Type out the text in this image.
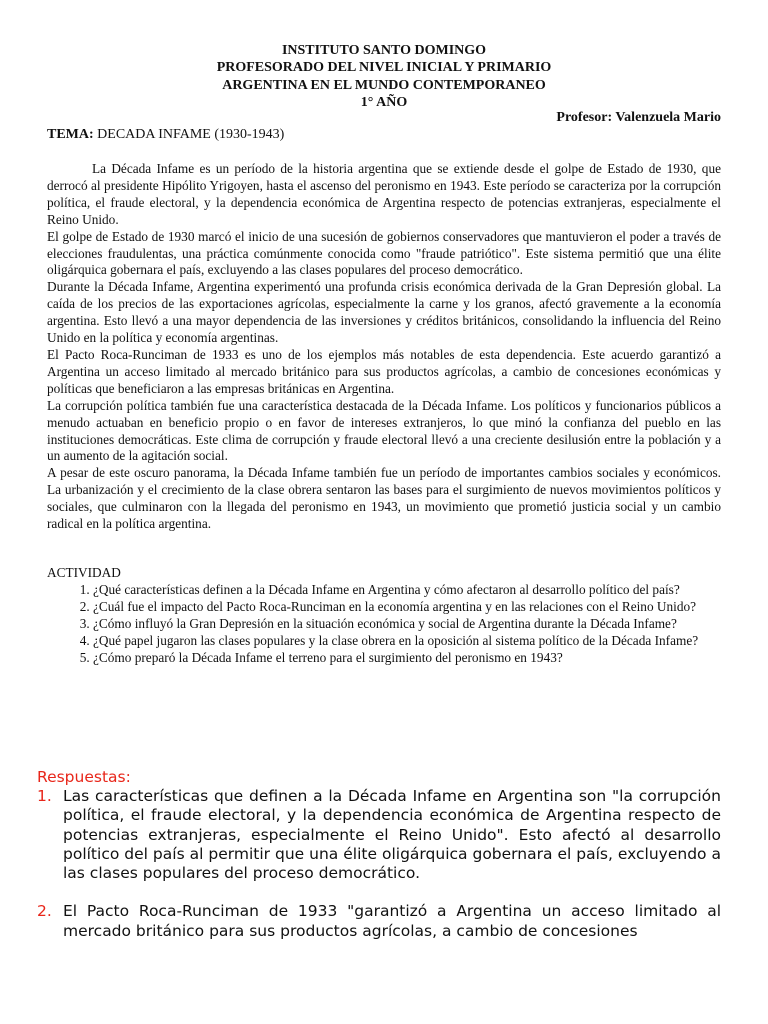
INSTITUTO SANTO DOMINGO
PROFESORADO DEL NIVEL INICIAL Y PRIMARIO
ARGENTINA EN EL MUNDO CONTEMPORANEO
1° AÑO
Profesor: Valenzuela Mario
TEMA: DECADA INFAME (1930-1943)

La Década Infame es un período de la historia argentina que se extiende desde el golpe de Estado de 1930, que derrocó al presidente Hipólito Yrigoyen, hasta el ascenso del peronismo en 1943. Este período se caracteriza por la corrupción política, el fraude electoral, y la dependencia económica de Argentina respecto de potencias extranjeras, especialmente el Reino Unido.

El golpe de Estado de 1930 marcó el inicio de una sucesión de gobiernos conservadores que mantuvieron el poder a través de elecciones fraudulentas, una práctica comúnmente conocida como "fraude patriótico". Este sistema permitió que una élite oligárquica gobernara el país, excluyendo a las clases populares del proceso democrático.

Durante la Década Infame, Argentina experimentó una profunda crisis económica derivada de la Gran Depresión global. La caída de los precios de las exportaciones agrícolas, especialmente la carne y los granos, afectó gravemente a la economía argentina. Esto llevó a una mayor dependencia de las inversiones y créditos británicos, consolidando la influencia del Reino Unido en la política y economía argentinas.

El Pacto Roca-Runciman de 1933 es uno de los ejemplos más notables de esta dependencia. Este acuerdo garantizó a Argentina un acceso limitado al mercado británico para sus productos agrícolas, a cambio de concesiones económicas y políticas que beneficiaron a las empresas británicas en Argentina.

La corrupción política también fue una característica destacada de la Década Infame. Los políticos y funcionarios públicos a menudo actuaban en beneficio propio o en favor de intereses extranjeros, lo que minó la confianza del pueblo en las instituciones democráticas. Este clima de corrupción y fraude electoral llevó a una creciente desilusión entre la población y a un aumento de la agitación social.

A pesar de este oscuro panorama, la Década Infame también fue un período de importantes cambios sociales y económicos. La urbanización y el crecimiento de la clase obrera sentaron las bases para el surgimiento de nuevos movimientos políticos y sociales, que culminaron con la llegada del peronismo en 1943, un movimiento que prometió justicia social y un cambio radical en la política argentina.

ACTIVIDAD

1. ¿Qué características definen a la Década Infame en Argentina y cómo afectaron al desarrollo político del país?
2. ¿Cuál fue el impacto del Pacto Roca-Runciman en la economía argentina y en las relaciones con el Reino Unido?
3. ¿Cómo influyó la Gran Depresión en la situación económica y social de Argentina durante la Década Infame?
4. ¿Qué papel jugaron las clases populares y la clase obrera en la oposición al sistema político de la Década Infame?
5. ¿Cómo preparó la Década Infame el terreno para el surgimiento del peronismo en 1943?

Respuestas:

1. Las características que definen a la Década Infame en Argentina son "la corrupción política, el fraude electoral, y la dependencia económica de Argentina respecto de potencias extranjeras, especialmente el Reino Unido". Esto afectó al desarrollo político del país al permitir que una élite oligárquica gobernara el país, excluyendo a las clases populares del proceso democrático.
2. El Pacto Roca-Runciman de 1933 "garantizó a Argentina un acceso limitado al mercado británico para sus productos agrícolas, a cambio de concesiones
